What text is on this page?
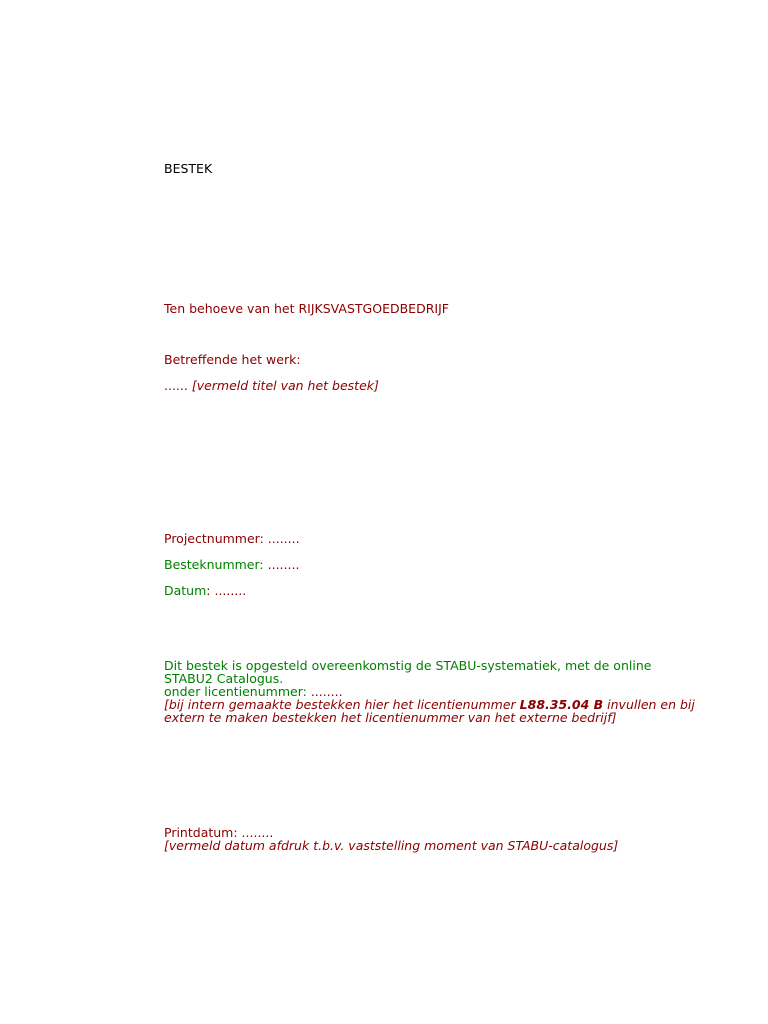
BESTEK

Ten behoeve van het RIJKSVASTGOEDBEDRIJF

Betreffende het werk:

...... [vermeld titel van het bestek]

Projectnummer: ........

Besteknummer: ........

Datum: ........

Dit bestek is opgesteld overeenkomstig de STABU-systematiek, met de online

STABU2 Catalogus.

onder licentienummer: ........

[bij intern gemaakte bestekken hier het licentienummer L88.35.04 B invullen en bij

extern te maken bestekken het licentienummer van het externe bedrijf]

Printdatum: ........

[vermeld datum afdruk t.b.v. vaststelling moment van STABU-catalogus]
